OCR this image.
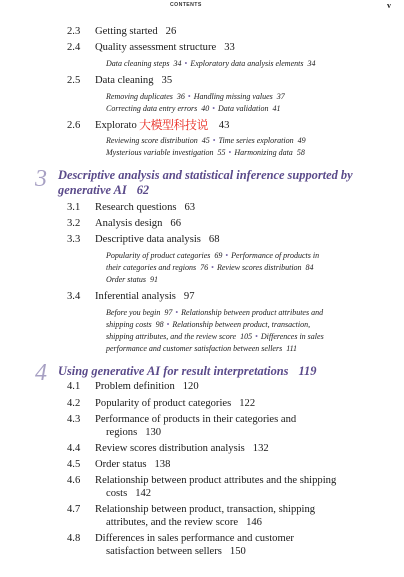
CONTENTS	v
2.3 Getting started 26
2.4 Quality assessment structure 33
Data cleaning steps 34 • Exploratory data analysis elements 34
2.5 Data cleaning 35
Removing duplicates 36 • Handling missing values 37
Correcting data entry errors 40 • Data validation 41
2.6 Explorato	43
大模型科技说
Reviewing score distribution 45 • Time series exploration 49
Mysterious variable investigation 55 • Harmonizing data 58
3 Descriptive analysis and statistical inference supported by
generative AI 62
3.1 Research questions 63
3.2 Analysis design 66
3.3 Descriptive data analysis 68
Popularity of product categories 69 • Performance of products in
their categories and regions 76 • Review scores distribution 84
Order status 91
3.4 Inferential analysis 97
Before you begin 97 • Relationship between product attributes and
shipping costs 98 • Relationship between product, transaction,
shipping attributes, and the review score 105 • Differences in sales
performance and customer satisfaction between sellers 111
4 Using generative AI for result interpretations 119
4.1 Problem definition 120
4.2 Popularity of product categories 122
4.3 Performance of products in their categories and
regions 130
4.4 Review scores distribution analysis 132
4.5 Order status 138
4.6 Relationship between product attributes and the shipping
costs 142
4.7 Relationship between product, transaction, shipping
attributes, and the review score 146
4.8 Differences in sales performance and customer
satisfaction between sellers 150
